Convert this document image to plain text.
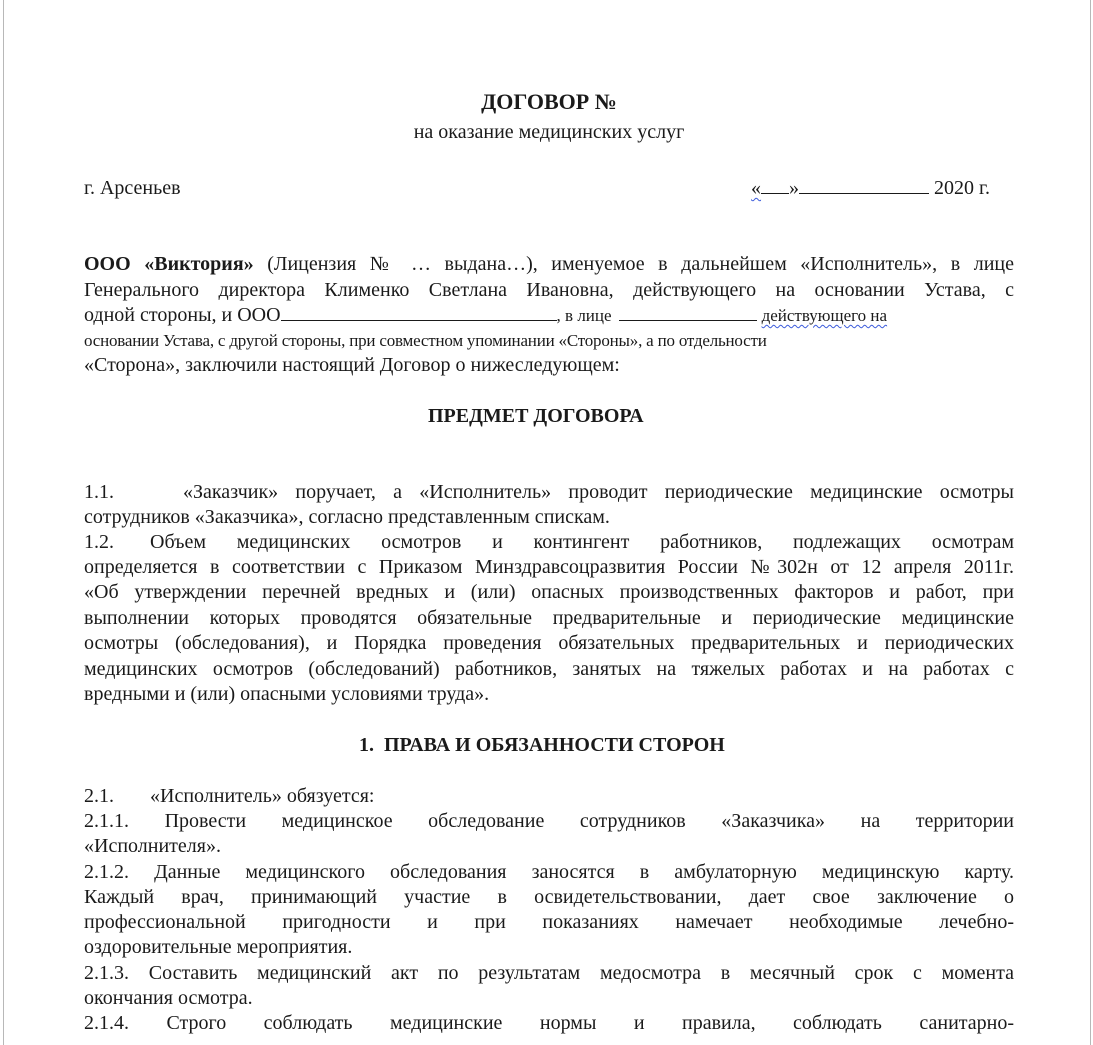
ДОГОВОР №
на оказание медицинских услуг
г. Арсеньев	« »	2020 г.
ООО «Виктория» (Лицензия № … выдана…), именуемое в дальнейшем «Исполнитель», в лице
Генерального директора Клименко Светлана Ивановна, действующего на основании Устава, с
одной стороны, и ООО	, в лице	действующего на
основании Устава, с другой стороны, при совместном упоминании «Стороны», а по отдельности
«Сторона», заключили настоящий Договор о нижеследующем:
ПРЕДМЕТ ДОГОВОРА
1.1.	«Заказчик» поручает, а «Исполнитель» проводит периодические медицинские осмотры
сотрудников «Заказчика», согласно представленным спискам.
1.2. Объем медицинских осмотров и контингент работников, подлежащих осмотрам
определяется в соответствии с Приказом Минздравсоцразвития России №302н от 12 апреля 2011г.
«Об утверждении перечней вредных и (или) опасных производственных факторов и работ, при
выполнении которых проводятся обязательные предварительные и периодические медицинские
осмотры (обследования), и Порядка проведения обязательных предварительных и периодических
медицинских осмотров (обследований) работников, занятых на тяжелых работах и на работах с
вредными и (или) опасными условиями труда».
1.  ПРАВА И ОБЯЗАННОСТИ СТОРОН
2.1. «Исполнитель» обязуется:
2.1.1. Провести медицинское обследование сотрудников «Заказчика» на территории
«Исполнителя».
2.1.2. Данные медицинского обследования заносятся в амбулаторную медицинскую карту.
Каждый врач, принимающий участие в освидетельствовании, дает свое заключение о
профессиональной пригодности и при показаниях намечает необходимые лечебно-
оздоровительные мероприятия.
2.1.3. Составить медицинский акт по результатам медосмотра в месячный срок с момента
окончания осмотра.
2.1.4. Строго соблюдать медицинские нормы и правила, соблюдать санитарно-
